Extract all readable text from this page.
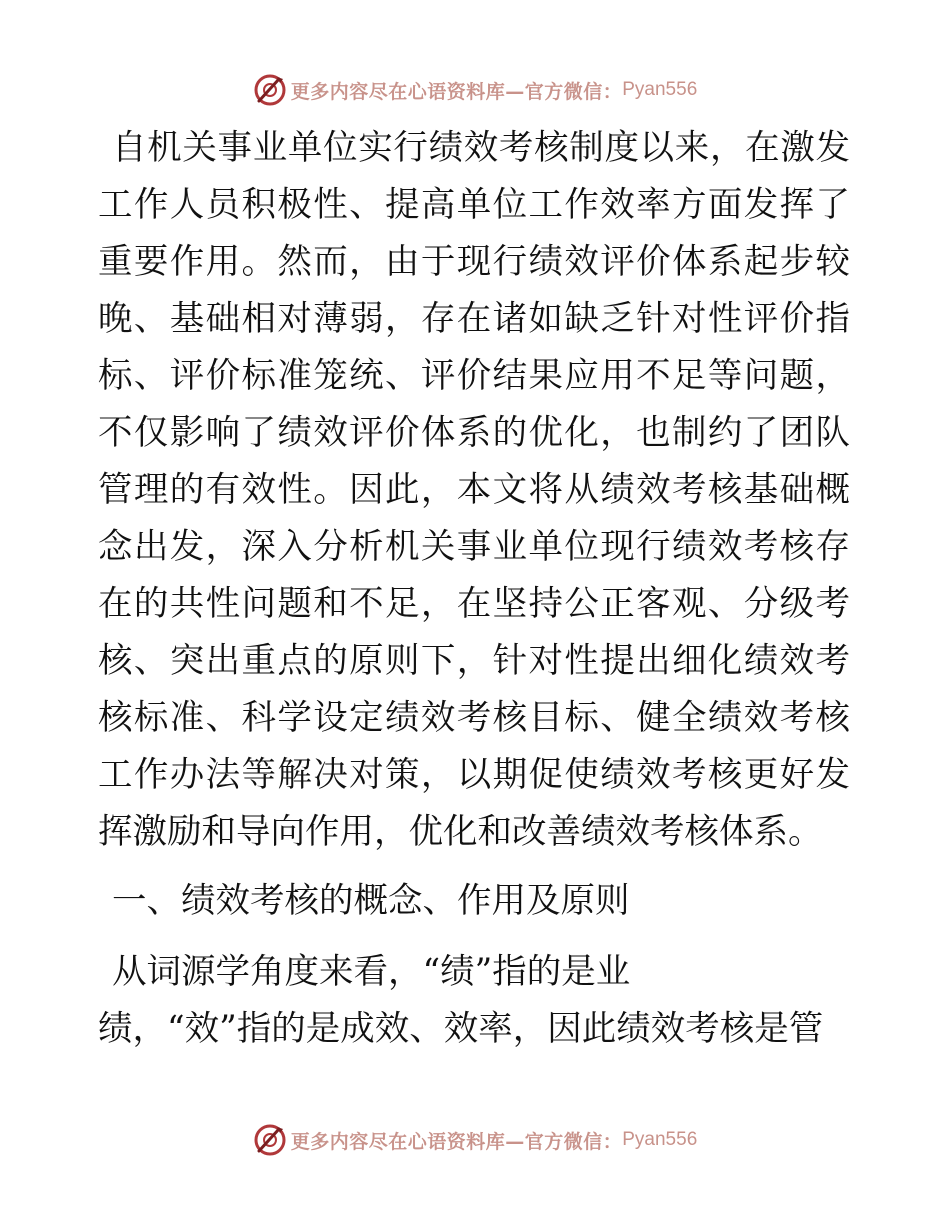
更多内容尽在心语资料库—官方微信： Pyan556

自机关事业单位实行绩效考核制度以来，在激发工作人员积极性、提高单位工作效率方面发挥了重要作用。然而，由于现行绩效评价体系起步较晚、基础相对薄弱，存在诸如缺乏针对性评价指标、评价标准笼统、评价结果应用不足等问题，不仅影响了绩效评价体系的优化，也制约了团队管理的有效性。因此，本文将从绩效考核基础概念出发，深入分析机关事业单位现行绩效考核存在的共性问题和不足，在坚持公正客观、分级考核、突出重点的原则下，针对性提出细化绩效考核标准、科学设定绩效考核目标、健全绩效考核工作办法等解决对策，以期促使绩效考核更好发挥激励和导向作用，优化和改善绩效考核体系。

一、绩效考核的概念、作用及原则

从词源学角度来看，“绩”指的是业

绩，“效”指的是成效、效率，因此绩效考核是管

更多内容尽在心语资料库—官方微信： Pyan556
